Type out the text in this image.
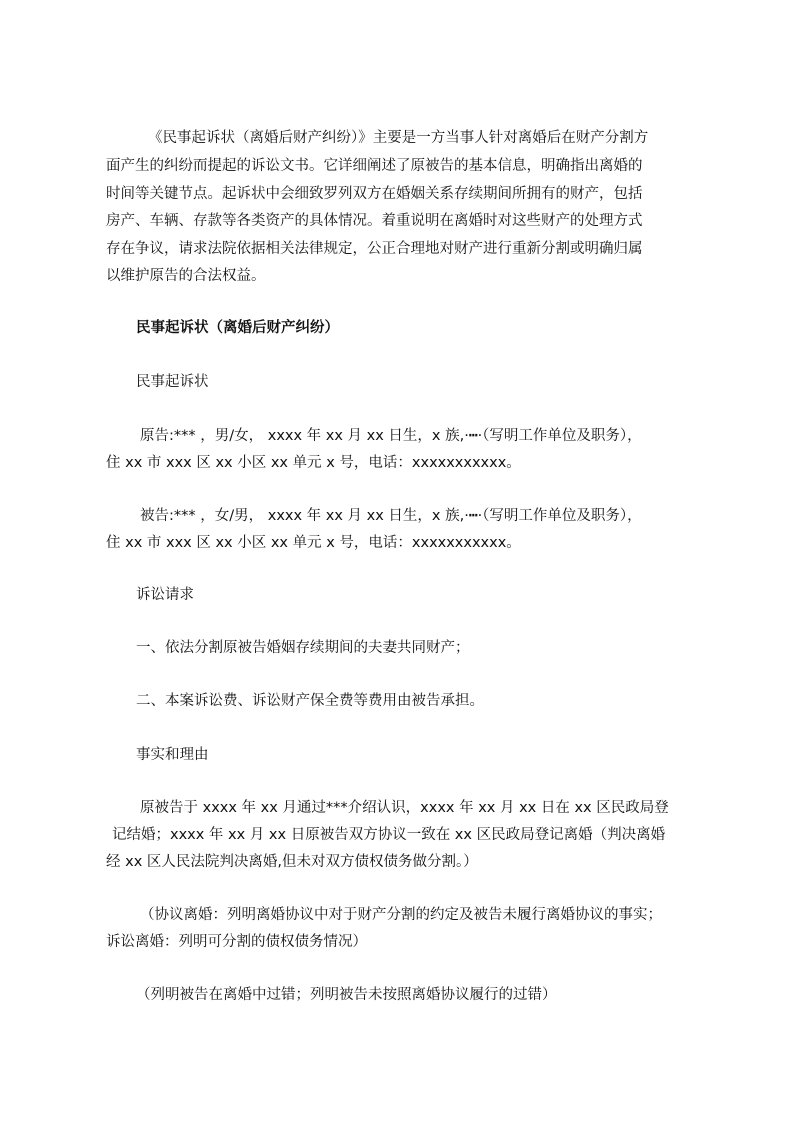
《民事起诉状（离婚后财产纠纷）》主要是一方当事人针对离婚后在财产分割方
面产生的纠纷而提起的诉讼文书。它详细阐述了原被告的基本信息，明确指出离婚的
时间等关键节点。起诉状中会细致罗列双方在婚姻关系存续期间所拥有的财产，包括
房产、车辆、存款等各类资产的具体情况。着重说明在离婚时对这些财产的处理方式
存在争议，请求法院依据相关法律规定，公正合理地对财产进行重新分割或明确归属
以维护原告的合法权益。
民事起诉状（离婚后财产纠纷）
民事起诉状
原告:*** ，男/女， xxxx 年 xx 月 xx 日生，x 族,·┅·（写明工作单位及职务），
住 xx 市 xxx 区 xx 小区 xx 单元 x 号，电话：xxxxxxxxxxx。
被告:*** ，女/男， xxxx 年 xx 月 xx 日生，x 族,·┅·（写明工作单位及职务），
住 xx 市 xxx 区 xx 小区 xx 单元 x 号，电话：xxxxxxxxxxx。
诉讼请求
一、依法分割原被告婚姻存续期间的夫妻共同财产；
二、本案诉讼费、诉讼财产保全费等费用由被告承担。
事实和理由
原被告于 xxxx 年 xx 月通过***介绍认识，xxxx 年 xx 月 xx 日在 xx 区民政局登
记结婚；xxxx 年 xx 月 xx 日原被告双方协议一致在 xx 区民政局登记离婚（判决离婚
经 xx 区人民法院判决离婚,但未对双方债权债务做分割。）
（协议离婚：列明离婚协议中对于财产分割的约定及被告未履行离婚协议的事实；
诉讼离婚：列明可分割的债权债务情况）
（列明被告在离婚中过错；列明被告未按照离婚协议履行的过错）
